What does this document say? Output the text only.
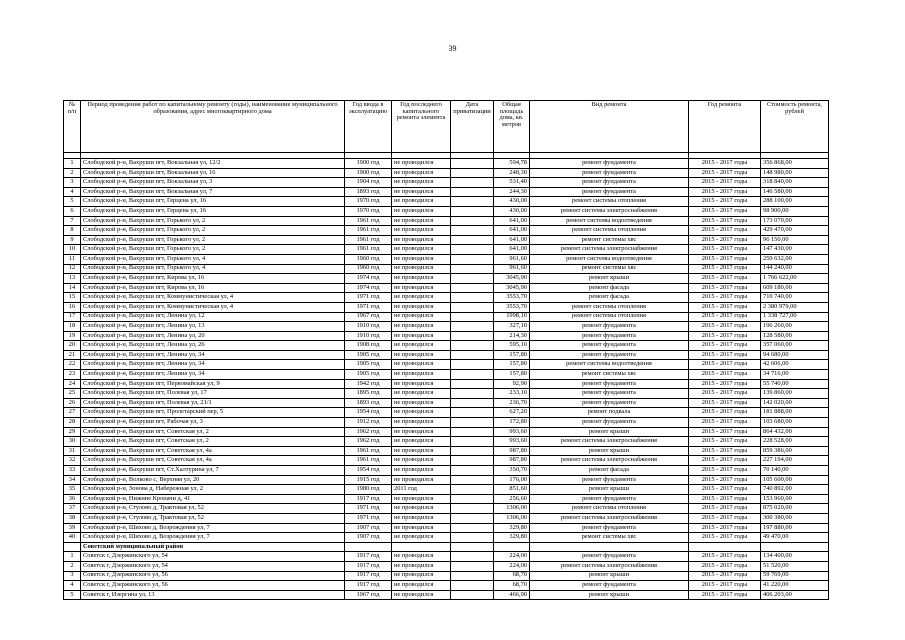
39
№ п/п	Период проведения работ по капитальному ремонту (годы), наименование муниципального образования, адрес многоквартирного дома	Год ввода в эксплуатацию	Год последнего капитального ремонта элемента	Дата приватизации	Общая площадь дома, кв. метров	Вид ремонта	Год ремонта	Стоимость ремонта, рублей

1	Слободской р-н, Вахруши пгт, Вокзальная ул, 12/2	1900 год	не проводился		594,78	ремонт фундамента	2015 - 2017 годы	356 868,00
2	Слободской р-н, Вахруши пгт, Вокзальная ул, 16	1900 год	не проводился		248,30	ремонт фундамента	2015 - 2017 годы	148 980,00
3	Слободской р-н, Вахруши пгт, Вокзальная ул, 3	1904 год	не проводился		531,40	ремонт фундамента	2015 - 2017 годы	318 840,00
4	Слободской р-н, Вахруши пгт, Вокзальная ул, 7	1893 год	не проводился		244,30	ремонт фундамента	2015 - 2017 годы	146 580,00
5	Слободской р-н, Вахруши пгт, Герцена ул, 16	1970 год	не проводился		430,00	ремонт системы отопления	2015 - 2017 годы	288 100,00
6	Слободской р-н, Вахруши пгт, Герцена ул, 16	1970 год	не проводился		430,00	ремонт системы электроснабжения	2015 - 2017 годы	98 900,00
7	Слободской р-н, Вахруши пгт, Горького ул, 2	1961 год	не проводился		641,00	ремонт системы водоотведения	2015 - 2017 годы	173 070,00
8	Слободской р-н, Вахруши пгт, Горького ул, 2	1961 год	не проводился		641,00	ремонт системы отопления	2015 - 2017 годы	429 470,00
9	Слободской р-н, Вахруши пгт, Горького ул, 2	1961 год	не проводился		641,00	ремонт системы хвс	2015 - 2017 годы	96 150,00
10	Слободской р-н, Вахруши пгт, Горького ул, 2	1961 год	не проводился		641,00	ремонт системы электроснабжения	2015 - 2017 годы	147 430,00
11	Слободской р-н, Вахруши пгт, Горького ул, 4	1960 год	не проводился		961,60	ремонт системы водоотведения	2015 - 2017 годы	259 632,00
12	Слободской р-н, Вахруши пгт, Горького ул, 4	1960 год	не проводился		961,60	ремонт системы хвс	2015 - 2017 годы	144 240,00
13	Слободской р-н, Вахруши пгт, Кирова ул, 16	1974 год	не проводился		3045,90	ремонт крыши	2015 - 2017 годы	1 766 622,00
14	Слободской р-н, Вахруши пгт, Кирова ул, 16	1974 год	не проводился		3045,90	ремонт фасада	2015 - 2017 годы	609 180,00
15	Слободской р-н, Вахруши пгт, Коммунистическая ул, 4	1971 год	не проводился		3553,70	ремонт фасада	2015 - 2017 годы	710 740,00
16	Слободской р-н, Вахруши пгт, Коммунистическая ул, 4	1971 год	не проводился		3553,70	ремонт системы отопления	2015 - 2017 годы	2 380 979,00
17	Слободской р-н, Вахруши пгт, Ленина ул, 12	1967 год	не проводился		1998,10	ремонт системы отопления	2015 - 2017 годы	1 338 727,00
18	Слободской р-н, Вахруши пгт, Ленина ул, 13	1910 год	не проводился		327,10	ремонт фундамента	2015 - 2017 годы	196 260,00
19	Слободской р-н, Вахруши пгт, Ленина ул, 20	1910 год	не проводился		214,30	ремонт фундамента	2015 - 2017 годы	128 580,00
20	Слободской р-н, Вахруши пгт, Ленина ул, 26	1908 год	не проводился		595,10	ремонт фундамента	2015 - 2017 годы	357 060,00
21	Слободской р-н, Вахруши пгт, Ленина ул, 34	1905 год	не проводился		157,80	ремонт фундамента	2015 - 2017 годы	94 680,00
22	Слободской р-н, Вахруши пгт, Ленина ул, 34	1905 год	не проводился		157,80	ремонт системы водоотведения	2015 - 2017 годы	42 606,00
23	Слободской р-н, Вахруши пгт, Ленина ул, 34	1905 год	не проводился		157,80	ремонт системы хвс	2015 - 2017 годы	34 716,00
24	Слободской р-н, Вахруши пгт, Первомайская ул, 9	1942 год	не проводился		92,90	ремонт фундамента	2015 - 2017 годы	55 740,00
25	Слободской р-н, Вахруши пгт, Полевая ул, 17	1895 год	не проводился		233,10	ремонт фундамента	2015 - 2017 годы	139 860,00
26	Слободской р-н, Вахруши пгт, Полевая ул, 21/1	1893 год	не проводился		236,70	ремонт фундамента	2015 - 2017 годы	142 020,00
27	Слободской р-н, Вахруши пгт, Пролетарский пер, 5	1954 год	не проводился		627,20	ремонт подвала	2015 - 2017 годы	181 888,00
28	Слободской р-н, Вахруши пгт, Рабочая ул, 3	1912 год	не проводился		172,80	ремонт фундамента	2015 - 2017 годы	103 680,00
29	Слободской р-н, Вахруши пгт, Советская ул, 2	1962 год	не проводился		993,60	ремонт крыши	2015 - 2017 годы	864 432,00
30	Слободской р-н, Вахруши пгт, Советская ул, 2	1962 год	не проводился		993,60	ремонт системы электроснабжения	2015 - 2017 годы	228 528,00
31	Слободской р-н, Вахруши пгт, Советская ул, 4а	1961 год	не проводился		987,80	ремонт крыши	2015 - 2017 годы	859 386,00
32	Слободской р-н, Вахруши пгт, Советская ул, 4а	1961 год	не проводился		987,80	ремонт системы электроснабжения	2015 - 2017 годы	227 194,00
33	Слободской р-н, Вахруши пгт, Ст.Халтурина ул, 7	1954 год	не проводился		350,70	ремонт фасада	2015 - 2017 годы	70 140,00
34	Слободской р-н, Волково с, Верхняя ул, 20	1915 год	не проводился		176,00	ремонт фундамента	2015 - 2017 годы	105 600,00
35	Слободской р-н, Зонова д, Набережная ул, 2	1980 год	2011 год		851,60	ремонт крыши	2015 - 2017 годы	740 892,00
36	Слободской р-н, Нижние Кропачи д, 41	1917 год	не проводился		256,60	ремонт фундамента	2015 - 2017 годы	153 960,00
37	Слободской р-н, Стулово д, Трактовая ул, 52	1971 год	не проводился		1306,00	ремонт системы отопления	2015 - 2017 годы	875 020,00
38	Слободской р-н, Стулово д, Трактовая ул, 52	1971 год	не проводился		1306,00	ремонт системы электроснабжения	2015 - 2017 годы	300 380,00
39	Слободской р-н, Шихово д, Возрождения ул, 7	1907 год	не проводился		329,80	ремонт фундамента	2015 - 2017 годы	197 880,00
40	Слободской р-н, Шихово д, Возрождения ул, 7	1907 год	не проводился		329,80	ремонт системы хвс	2015 - 2017 годы	49 470,00
	Советский муниципальный район							
1	Советск г, Дзержинского ул, 54	1917 год	не проводился		224,00	ремонт фундамента	2015 - 2017 годы	134 400,00
2	Советск г, Дзержинского ул, 54	1917 год	не проводился		224,00	ремонт системы электроснабжения	2015 - 2017 годы	51 520,00
3	Советск г, Дзержинского ул, 56	1917 год	не проводился		68,70	ремонт крыши	2015 - 2017 годы	59 769,00
4	Советск г, Дзержинского ул, 56	1917 год	не проводился		68,70	ремонт фундамента	2015 - 2017 годы	41 220,00
5	Советск г, Изергина ул, 13	1967 год	не проводился		466,90	ремонт крыши	2015 - 2017 годы	406 203,00
